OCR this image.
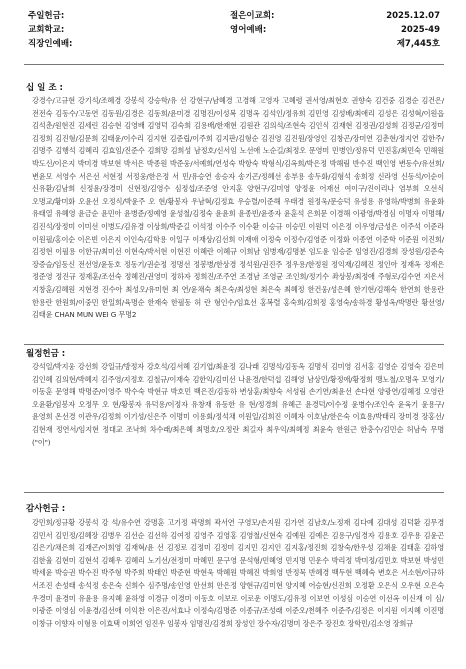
주일헌금:
교회학교:
직장인예배:
절은이교회:
영어예배:
2025.12.07
2025-49
제7,445호
십 일 조 :
강경수/고규현 강기석/조혜경 강봉석 강승학/유 선 강현구/남혜경 고경해 고영자 고혜령 권서영/최현호 권향숙 김건중 김경순 김건은/전전숙 김동수/고동연 김동원/김경은 김동희/윤미경 김명진/이성복 김명옥 김석인/정유희 김민영 김성배/최애리 김성은 김성혁/이원읍 김석춘/원현진 김세린 김승현 김영배 김영덕 김숙희 김용배/한재현 김원관 김의석/조현숙 김인식 김재현 김정권/김성희 김정균/김정미 김정희 김진형/김문희 김태윤/이수리 김지현 김준립/이주희 김지판/김형순 김진영 김진원/장영인 김창곤/장미연 김춘현/정지연 김한주/김명주 김행석 김혜리 김효임/진준수 김희망 김희성 남정호/신서임 노선애 노순길/최정오 문영미 민병인/정유덕 민진홍/최민숙 민해원 박도신/이은지 박미경 박보현 박서은 박종원 박준웅/서예희/연성숙 박항숙 박형식/김옥희/박은정 박해림 반수진 백인영 변동수/유선희/변윤모 서영수 서은선 서현정 서정웅/한은정 서 민/유승연 송승자 송기곤/정혜선 송부용 송두화/김형석 송희정 신라영 신동석/이순이 신유환/김남희 신정윤/장경미 신현정/김영수 심정섭/조준영 안지훈 양현구/김미영 양정윤 어재선 여이구/진이리나 염부희 오선식 오명교/황미화 오윤선 오정식/박윤주 오 현/황봉자 우남혁/김정효 우승렬/이준해 우태경 원정욱/문승덕 유성용 유영하/박병희 유윤화 유태열 유혜영 윤금순 윤민아 윤병준/정예영 윤성철/김정숙 윤윤희 윤종빈/윤종자 윤훈석 은희문 이경해 이광영/박경심 이명자 이명해/김진석/장정미 이미선 이병도/김유경 이상희/박준길 이석정 이수주 이수환 이승규 이승민 이원덕 이은정 이우영/금성은 이주석 이준라 이원필/홍이순 이은빈 이은지 이인숙/김학용 이일구 이재상/김선희 이재애 이정숙 이정수/김영준 이정화 이종연 이준학 이준원 이진희/김정현 이필용 이한규/최미선 이현숙/박서현 이현진 이혜란 이혜규 이희남 임병재/김명분 임도윤 임승준 임영진/김경희 장성원/김준숙 장증슬/임동신 전선영/윤동호 정동기/권순정 정명선 정봉병/한상경 정석원/권진주 정우용/한정원 정익재/김혜진 정인아 정재옥 정재은 정준영 정진규 정재훈/조선숙 정혜진/권영미 정하자 정희진/조주연 조경남 조영균 조인희/정기수 좌상봉/최정애 주형로/김수연 지은서 지창훈/김혜원 지현경 진수아 최성오/유미현 최 연/윤채숙 최은숙/최성현 최은숙 최혜정 한건웅/성은혜 한기현/김해숙 한연희 한용란 한용란 한원희/이중민 한일희/육명순 한재숙 한필동 허 란 형인수/임효선 홍복렬 홍숙희/김희정 홍영숙/송하경 황성옥/박명란 황선영/김태윤 CHAN MUN WEI G 무명2
월정헌금 :
강석일/박지웅 강선희 강일규/방정자 강호석/김서혜 김기엽/최윤정 김나래 김명석/김동옥 김명식 김미영 김서홍 김영순 김영숙 김은미 김인혜 김의현/박혜지 김주영/지정호 김철규/이재숙 김한익/김미선 나윤경/한덕섭 김해영 남상민/황정애/황정희 맹노철/오명옥 모영기/이동훈 문영해 박명준/이영주 박수숙 박현규 박호민 백은진/김동하 변상훈/최향숙 서성림 손기연/최윤선 손다현 양광연/김혜정 오영란 오윤환/임봉자 오정무 오 현/황봉자 유덕용/이정자 유창재 유동한 유 현/정경희 유혜근 윤경덕/이수정 윤병수/조인숙 윤육기 윤용구/윤영희 온선경 이관우/김정희 이기성/신은주 이명미 이용회/정석채 이원일/김희진 이혜자 이호남/한은숙 이효용/박태리 장미경 장홍선/김현재 정연서/임지현 정대교 조낙희 차수래/최은혜 최명호/오정란 최길자 최우익/최혜정 최윤숙 한원근 한충수/김민순 허남숙 무명("이")
감사헌금 :
강민희/정규황 강봉석 강 석/유수연 강명훈 고기정 곽명희 곽서연 구영모/손지원 김가연 김남호/노정재 김다예 김대성 김덕환 김무경 김민서 김민정/김혜장 김병우 김선순 김선하 김여정 김영주 김영홍 김영철/신현숙 김예원 김예은 김용구/임경자 김용호 김우용 김윤곤 김은기/채은희 김재곤/이희영 김재혁/윤 선 김정로 김정미 김정미 김지민 김지인 김지홍/정진희 김창숙/한우성 김채윤 김태훈 김하영 김한율 김현미 김현석 김혜우 김혜리 노기선/전정미 마혜민 문구영 문석형/민혜영 민지명 민운수 박리정 박미정/김민호 박보현 박성민 박세윤 박승권 박수진 박주형 박주희 박태인 박준현 박현욱 박혜원 박혜진 박희영 반정묵 반혜경 백두현 백혜숙 변호은 서소현/이규하 서조진 손성태 송석정 송은숙 신희수 심주명/송인영 안선희 안은정 양현규/김미현 양지혜 어승현/신진희 오정환 오은식 오우현 오은숙 우경미 윤경미 유윤용 유지혜 윤하영 이경규 이경미 이동호 이보로 이로운 이명도/김유정 이보연 이성심 이승연 이선옥 이신재 이 심/이광준 이영심 이윤경/김선애 이익찬 이은진/서효나 이정숙/김명준 이종규/조성래 이준오/천혜주 이준주/김정은 이지원 이지혜 이진명 이창규 이향자 이형용 이효택 이희연 임진우 임봉자 임명진/김경희 장성인 장수자/김명미 장은주 장진호 장학민/김소영 장희규
